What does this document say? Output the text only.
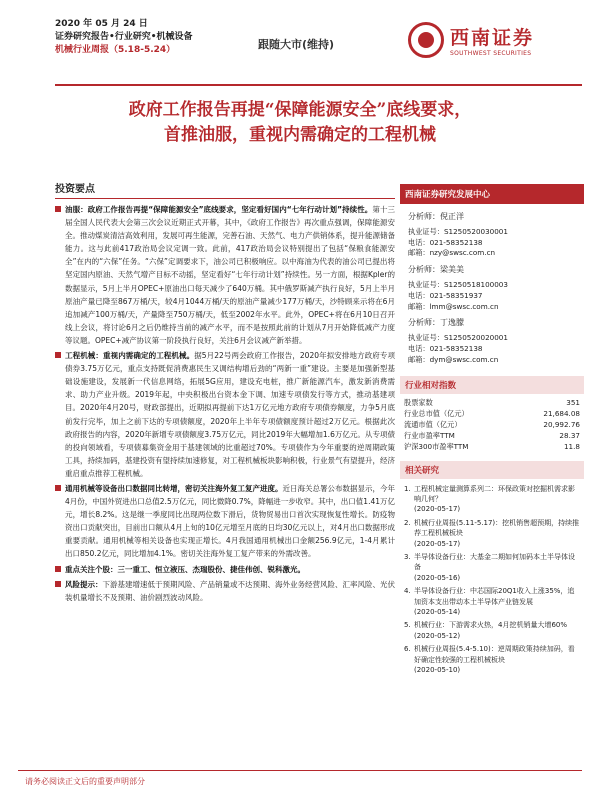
2020 年 05 月 24 日
证券研究报告•行业研究•机械设备
机械行业周报（5.18-5.24）	跟随大市(维持)	西南证券
SOUTHWEST SECURITIES
政府工作报告再提“保障能源安全”底线要求，
首推油服，重视内需确定的工程机械
投资要点
油服：政府工作报告再提“保障能源安全”底线要求，坚定看好国内“七年行动计划”持续性。第十三届全国人民代表大会第三次会议近期正式开幕，其中，《政府工作报告》再次重点强调，保障能源安全。推动煤炭清洁高效利用，发展可再生能源，完善石油、天然气、电力产供销体系，提升能源储备能力。这与此前417政治局会议定调一致。此前，417政治局会议特别提出了包括“保粮食能源安全”在内的“六保”任务。“六保”定调要求下，油公司已积极响应。以中海油为代表的油公司已提出将坚定国内原油、天然气增产目标不动摇，坚定看好“七年行动计划”持续性。另一方面，根据Kpler的数据显示，5月上半月OPEC+原油出口每天减少了640万桶。其中俄罗斯减产执行良好，5月上半月原油产量已降至867万桶/天，较4月1044万桶/天的原油产量减少177万桶/天，沙特顾来示将在6月追加减产100万桶/天，产量降至750万桶/天，低至2002年水平。此外，OPEC+将在6月10日召开线上会议，将讨论6月之后仍维持当前的减产水平，而不是按照此前的计划从7月开始降低减产力度等议题。OPEC+减产协议第一阶段执行良好，关注6月会议减产新举措。
工程机械：重视内需确定的工程机械。据5月22号两会政府工作报告，2020年拟安排地方政府专项债券3.75万亿元，重点支持既促消费惠民生又调结构增后劲的“两新一重”建设。主要是加强新型基础设施建设，发展新一代信息网络，拓展5G应用，建设充电桩，推广新能源汽车，激发新消费需求、助力产业升级。2019年起，中央积极出台资本金下调、加速专项债发行等方式，推动基建项目。2020年4月20号，财政部提出，近期拟再提前下达1万亿元地方政府专项债券额度，力争5月底前发行完毕，加上之前下达的专项债额度，2020年上半年专项债额度预计超过2万亿元。根据此次政府报告的内容，2020年新增专项债额度3.75万亿元，同比2019年大幅增加1.6万亿元。从专项债的投向领域看，专项债募集资金用于基建领域的比重超过70%。专项债作为今年重要的逆周期政策工具，持续加码，基建投资有望持续加速修复，对工程机械板块影响积极，行业景气有望提升，经济重启重点推荐工程机械。
通用机械等设备出口数据同比转增，密切关注海外复工复产进度。近日海关总署公布数据显示，今年4月份，中国外贸进出口总值2.5万亿元，同比微降0.7%，降幅进一步收窄。其中，出口值1.41万亿元，增长8.2%。这是继一季度同比出现两位数下滑后，货物贸易出口首次实现恢复性增长。防疫物资出口贡献突出，目前出口额从4月上旬的10亿元增至月底的日均30亿元以上，对4月出口数据形成重要贡献。通用机械等相关设备也实现正增长。4月我国通用机械出口金额256.9亿元，1-4月累计出口850.2亿元，同比增加4.1%。密切关注海外复工复产带来的外需改善。
重点关注个股：三一重工、恒立液压、杰瑞股份、捷佳伟创、锐科激光。
风险提示：下游基建增速低于预期风险、产品销量或不达预期、海外业务经营风险、汇率风险、光伏装机量增长不及预期、油价剧烈波动风险。
西南证券研究发展中心
分析师：倪正洋
执业证号：S1250520030001
电话：021-58352138
邮箱：nzy@swsc.com.cn
分析师：梁美美
执业证号：S1250518100003
电话：021-58351937
邮箱：lmm@swsc.com.cn
分析师：丁逸朦
执业证号：S1250520020001
电话：021-58352138
邮箱：dym@swsc.com.cn
行业相对指数
股票家数	351
行业总市值（亿元）	21,684.08
流通市值（亿元）	20,992.76
行业市盈率TTM	28.37
沪深300市盈率TTM	11.8
相关研究
1. 工程机械定量测算系列二：环保政策对挖掘机需求影响几何？
(2020-05-17)
2. 机械行业周报(5.11-5.17)：挖机销售超预期，持续推荐工程机械板块
(2020-05-17)
3. 半导体设备行业：大基金二期如何加码本土半导体设备
(2020-05-16)
4. 半导体设备行业：中芯国际20Q1收入上涨35%，追加资本支出带动本土半导体产业链发展
(2020-05-14)
5. 机械行业：下游需求火热，4月挖机销量大增60%
(2020-05-12)
6. 机械行业周报(5.4-5.10)：逆周期政策持续加码，看好确定性较强的工程机械板块
(2020-05-10)
请务必阅读正文后的重要声明部分
